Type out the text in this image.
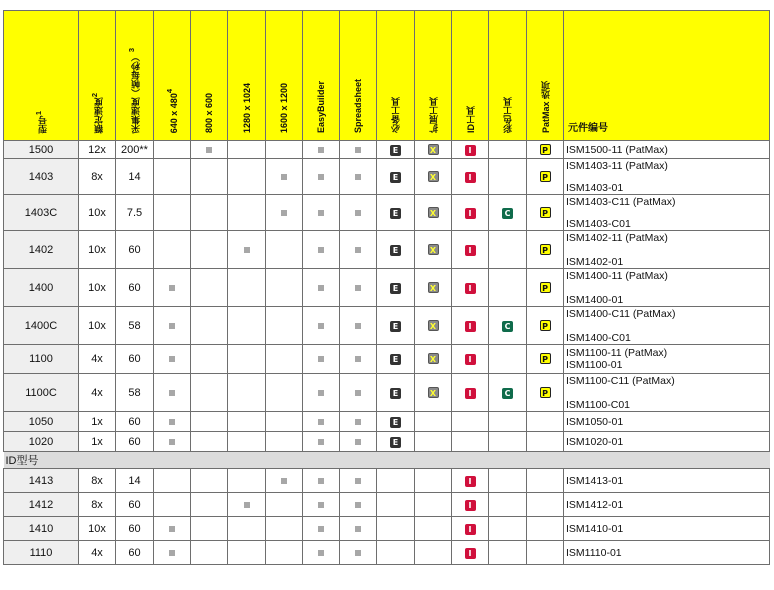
型号$^1$	额定速度$^2$	采集速度（帧每秒）$^3$	640 x $480^4$	800 x 600	1280 x 1024	1600 x 1200	EasyBuilder	Spreadsheet	必备工具	扩展工具	ID工具	彩色工具	PatMax 选项	元件编号
1500	12x	200**							E	X	I		P	ISM1500-11 (PatMax)

1403	8x	14							E	X	I		P	ISM1403-11 (PatMax)
ISM1403-01

1403C	10x	7.5							E	X	I	C	P	ISM1403-C11 (PatMax)
ISM1403-C01

1402	10x	60							E	X	I		P	ISM1402-11 (PatMax)
ISM1402-01

1400	10x	60							E	X	I		P	ISM1400-11 (PatMax)
ISM1400-01

1400C	10x	58							E	X	I	C	P	ISM1400-C11 (PatMax)
ISM1400-C01

1100	4x	60							E	X	I		P	ISM1100-11 (PatMax)
ISM1100-01

1100C	4x	58							E	X	I	C	P	ISM1100-C11 (PatMax)
ISM1100-C01

1050	1x	60							E					ISM1050-01

1020	1x	60							E					ISM1020-01

ID型号														
1413	8x	14									I			ISM1413-01

1412	8x	60									I			ISM1412-01

1410	10x	60									I			ISM1410-01

1110	4x	60									I			ISM1110-01
